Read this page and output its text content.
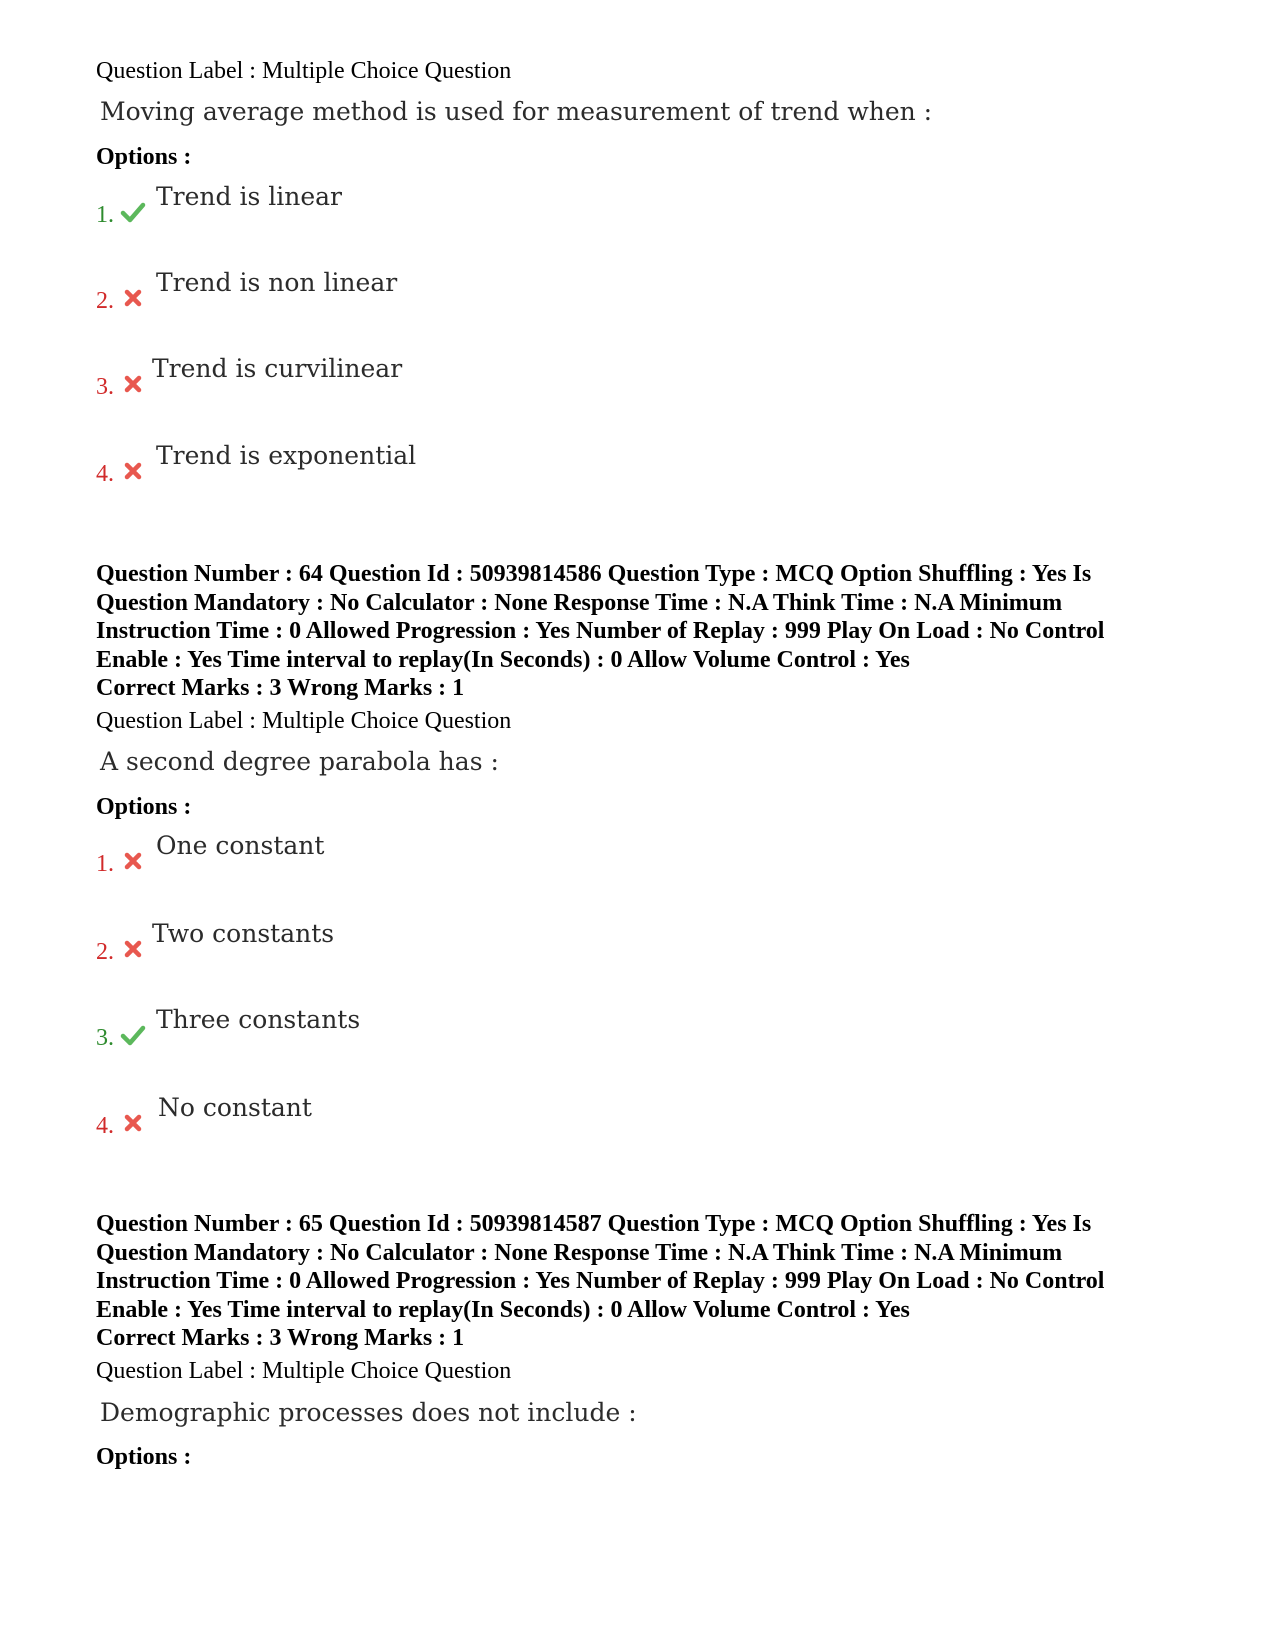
Question Label : Multiple Choice Question
Moving average method is used for measurement of trend when :
Options :
1.
Trend is linear
2.
Trend is non linear
3.
Trend is curvilinear
4.
Trend is exponential
Question Number : 64 Question Id : 50939814586 Question Type : MCQ Option Shuffling : Yes Is
Question Mandatory : No Calculator : None Response Time : N.A Think Time : N.A Minimum
Instruction Time : 0 Allowed Progression : Yes Number of Replay : 999 Play On Load : No Control
Enable : Yes Time interval to replay(In Seconds) : 0 Allow Volume Control : Yes
Correct Marks : 3 Wrong Marks : 1
Question Label : Multiple Choice Question
A second degree parabola has :
Options :
1.
One constant
2.
Two constants
3.
Three constants
4.
No constant
Question Number : 65 Question Id : 50939814587 Question Type : MCQ Option Shuffling : Yes Is
Question Mandatory : No Calculator : None Response Time : N.A Think Time : N.A Minimum
Instruction Time : 0 Allowed Progression : Yes Number of Replay : 999 Play On Load : No Control
Enable : Yes Time interval to replay(In Seconds) : 0 Allow Volume Control : Yes
Correct Marks : 3 Wrong Marks : 1
Question Label : Multiple Choice Question
Demographic processes does not include :
Options :
